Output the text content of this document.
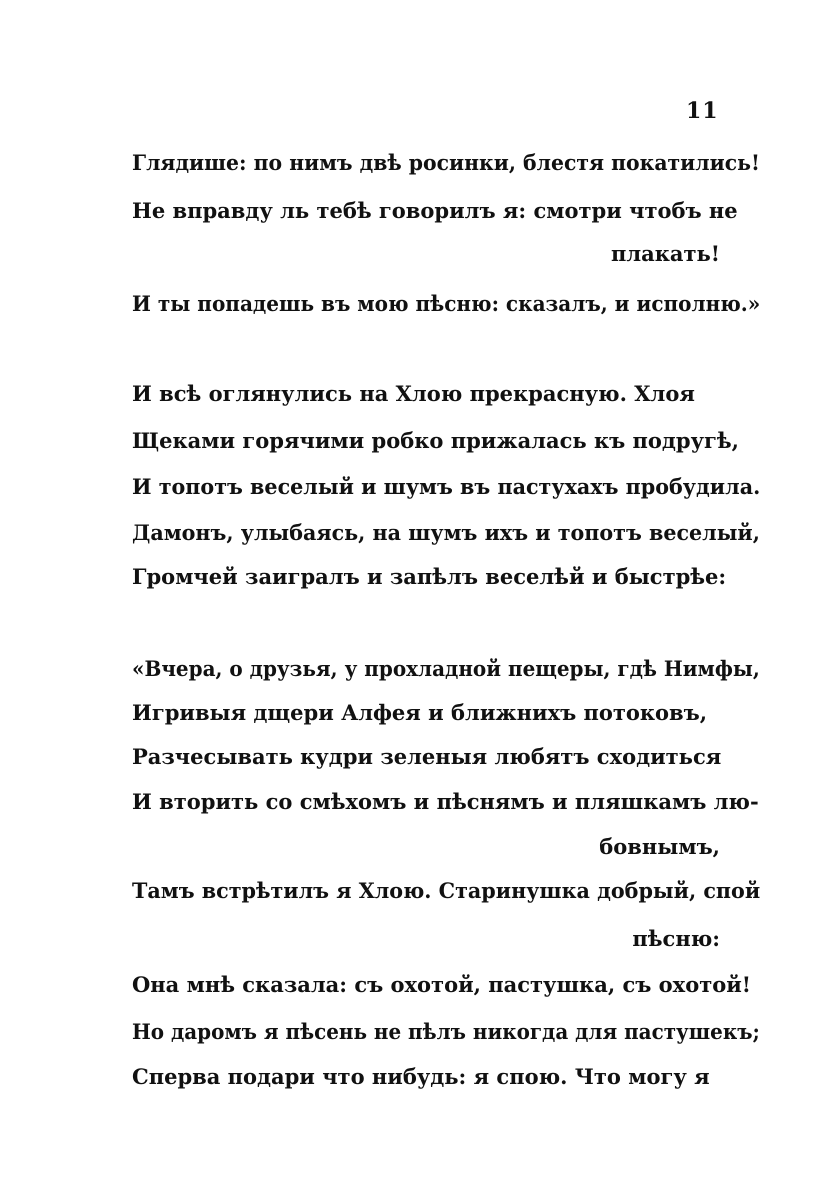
11
Глядише: по нимъ двѣ росинки, блестя покатились!
Не вправду ль тебѣ говорилъ я: смотри чтобъ не
плакать!
И ты попадешь въ мою пѣсню: сказалъ, и исполню.»
И всѣ оглянулись на Хлою прекрасную. Хлоя
Щеками горячими робко прижалась къ подругѣ,
И топотъ веселый и шумъ въ пастухахъ пробудила.
Дамонъ, улыбаясь, на шумъ ихъ и топотъ веселый,
Громчей заигралъ и запѣлъ веселѣй и быстрѣе:
«Вчера, о друзья, у прохладной пещеры, гдѣ Нимфы,
Игривыя дщери Алфея и ближнихъ потоковъ,
Разчесывать кудри зеленыя любятъ сходиться
И вторить со смѣхомъ и пѣснямъ и пляшкамъ лю-
бовнымъ,
Тамъ встрѣтилъ я Хлою. Старинушка добрый, спой
пѣсню:
Она мнѣ сказала: съ охотой, пастушка, съ охотой!
Но даромъ я пѣсень не пѣлъ никогда для пастушекъ;
Сперва подари что нибудь: я спою. Что могу я
